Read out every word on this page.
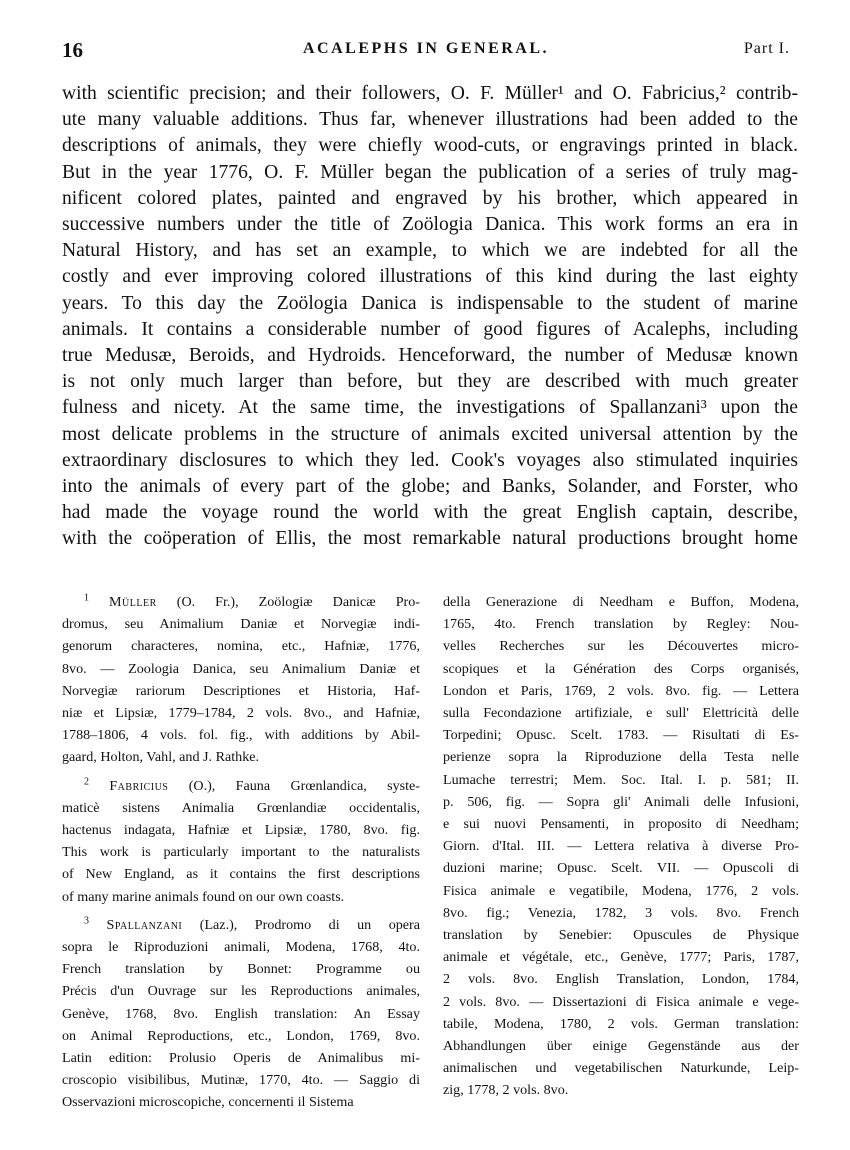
16	ACALEPHS IN GENERAL.	Part I.
with scientific precision; and their followers, O. F. Müller¹ and O. Fabricius,² contrib-
ute many valuable additions. Thus far, whenever illustrations had been added to the
descriptions of animals, they were chiefly wood-cuts, or engravings printed in black.
But in the year 1776, O. F. Müller began the publication of a series of truly mag-
nificent colored plates, painted and engraved by his brother, which appeared in
successive numbers under the title of Zoölogia Danica. This work forms an era in
Natural History, and has set an example, to which we are indebted for all the
costly and ever improving colored illustrations of this kind during the last eighty
years. To this day the Zoölogia Danica is indispensable to the student of marine
animals. It contains a considerable number of good figures of Acalephs, including
true Medusæ, Beroids, and Hydroids. Henceforward, the number of Medusæ known
is not only much larger than before, but they are described with much greater
fulness and nicety. At the same time, the investigations of Spallanzani³ upon the
most delicate problems in the structure of animals excited universal attention by the
extraordinary disclosures to which they led. Cook's voyages also stimulated inquiries
into the animals of every part of the globe; and Banks, Solander, and Forster, who
had made the voyage round the world with the great English captain, describe,
with the coöperation of Ellis, the most remarkable natural productions brought home
$^1$ Müller (O. Fr.), Zoölogiæ Danicæ Pro-
dromus, seu Animalium Daniæ et Norvegiæ indi-
genorum characteres, nomina, etc., Hafniæ, 1776,
8vo. — Zoologia Danica, seu Animalium Daniæ et
Norvegiæ rariorum Descriptiones et Historia, Haf-
niæ et Lipsiæ, 1779–1784, 2 vols. 8vo., and Hafniæ,
1788–1806, 4 vols. fol. fig., with additions by Abil-
gaard, Holton, Vahl, and J. Rathke.
$^2$ Fabricius (O.), Fauna Grœnlandica, syste-
maticè sistens Animalia Grœnlandiæ occidentalis,
hactenus indagata, Hafniæ et Lipsiæ, 1780, 8vo. fig.
This work is particularly important to the naturalists
of New England, as it contains the first descriptions
of many marine animals found on our own coasts.
$^3$ Spallanzani (Laz.), Prodromo di un opera
sopra le Riproduzioni animali, Modena, 1768, 4to.
French translation by Bonnet: Programme ou
Précis d'un Ouvrage sur les Reproductions animales,
Genève, 1768, 8vo. English translation: An Essay
on Animal Reproductions, etc., London, 1769, 8vo.
Latin edition: Prolusio Operis de Animalibus mi-
croscopio visibilibus, Mutinæ, 1770, 4to. — Saggio di
Osservazioni microscopiche, concernenti il Sistema
della Generazione di Needham e Buffon, Modena,
1765, 4to. French translation by Regley: Nou-
velles Recherches sur les Découvertes micro-
scopiques et la Génération des Corps organisés,
London et Paris, 1769, 2 vols. 8vo. fig. — Lettera
sulla Fecondazione artifiziale, e sull' Elettricità delle
Torpedini; Opusc. Scelt. 1783. — Risultati di Es-
perienze sopra la Riproduzione della Testa nelle
Lumache terrestri; Mem. Soc. Ital. I. p. 581; II.
p. 506, fig. — Sopra gli' Animali delle Infusioni,
e sui nuovi Pensamenti, in proposito di Needham;
Giorn. d'Ital. III. — Lettera relativa à diverse Pro-
duzioni marine; Opusc. Scelt. VII. — Opuscoli di
Fisica animale e vegatibile, Modena, 1776, 2 vols.
8vo. fig.; Venezia, 1782, 3 vols. 8vo. French
translation by Senebier: Opuscules de Physique
animale et végétale, etc., Genève, 1777; Paris, 1787,
2 vols. 8vo. English Translation, London, 1784,
2 vols. 8vo. — Dissertazioni di Fisica animale e vege-
tabile, Modena, 1780, 2 vols. German translation:
Abhandlungen über einige Gegenstände aus der
animalischen und vegetabilischen Naturkunde, Leip-
zig, 1778, 2 vols. 8vo.
